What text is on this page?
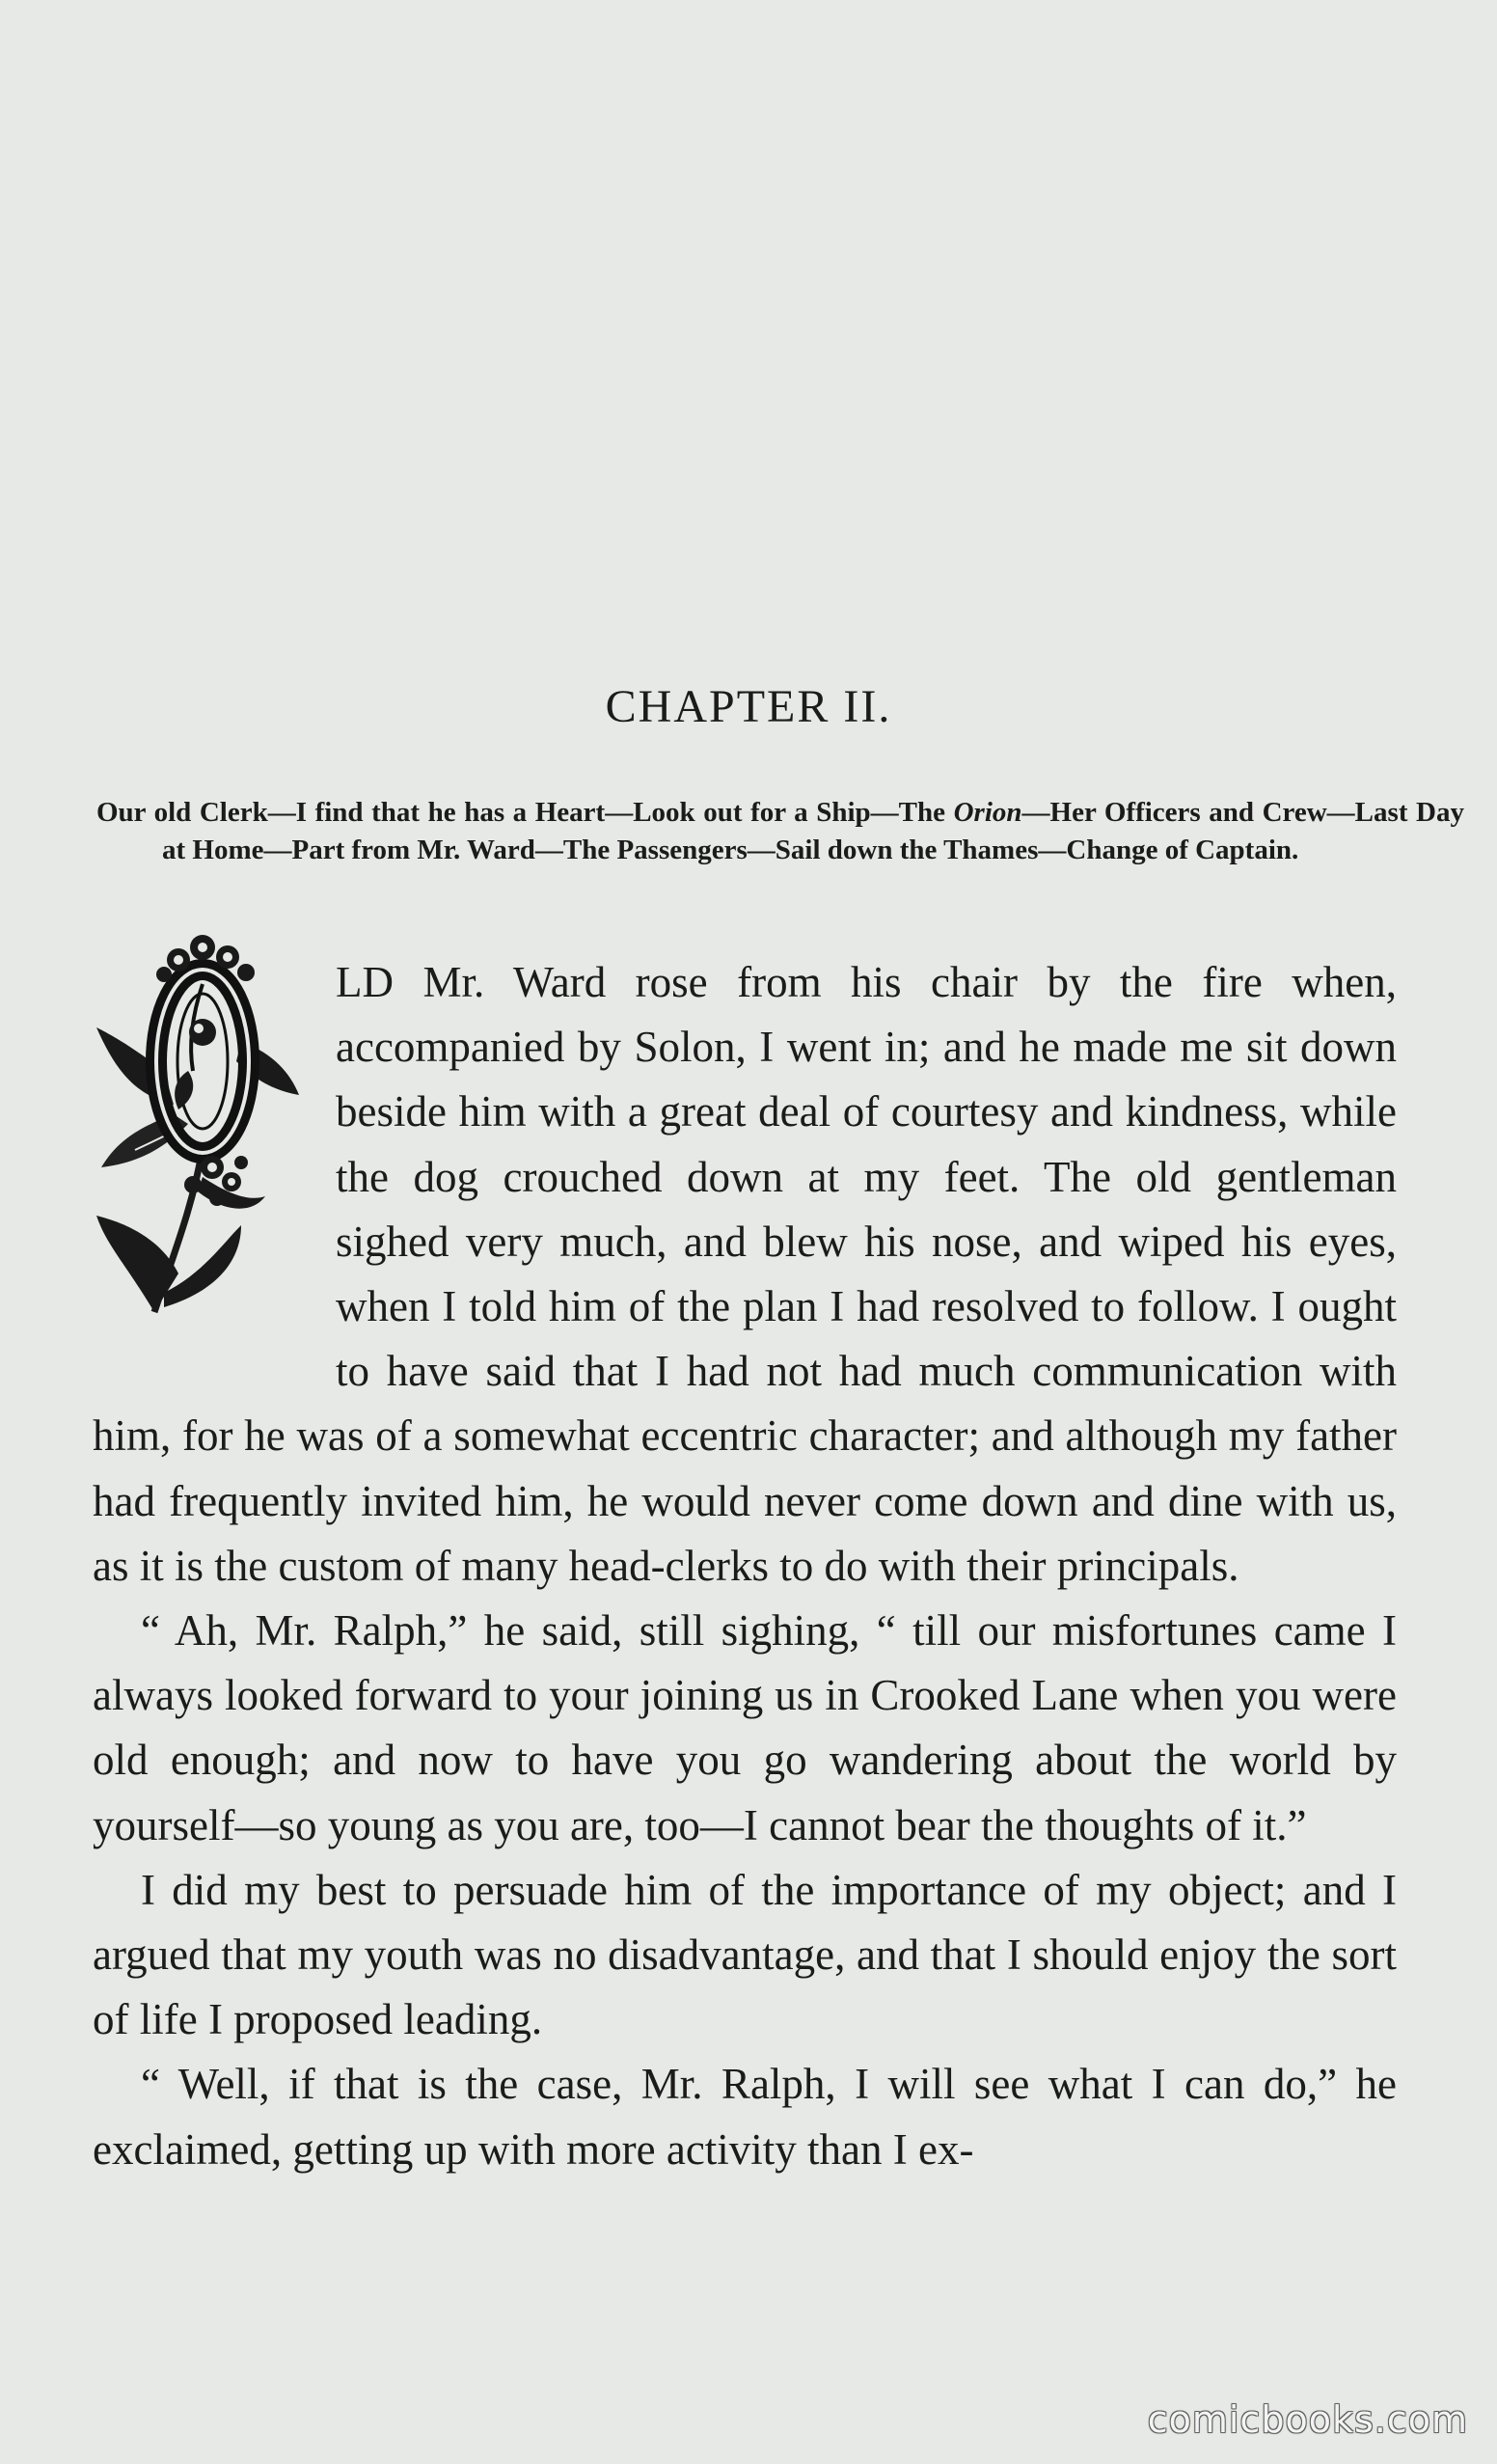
CHAPTER II.
Our old Clerk—I find that he has a Heart—Look out for a Ship—The Orion—Her Officers and Crew—Last Day at Home—Part from Mr. Ward—The Passengers—Sail down the Thames—Change of Captain.

LD Mr. Ward rose from his chair by the fire when, accompanied by Solon, I went in; and he made me sit down beside him with a great deal of courtesy and kindness, while the dog crouched down at my feet. The old gentleman sighed very much, and blew his nose, and wiped his eyes, when I told him of the plan I had resolved to follow. I ought to have said that I had not had much communication with him, for he was of a somewhat eccentric character; and although my father had frequently invited him, he would never come down and dine with us, as it is the custom of many head-clerks to do with their principals.

“ Ah, Mr. Ralph,” he said, still sighing, “ till our misfortunes came I always looked forward to your joining us in Crooked Lane when you were old enough; and now to have you go wandering about the world by yourself—so young as you are, too—I cannot bear the thoughts of it.”

I did my best to persuade him of the importance of my object; and I argued that my youth was no disadvantage, and that I should enjoy the sort of life I proposed leading.

“ Well, if that is the case, Mr. Ralph, I will see what I can do,” he exclaimed, getting up with more activity than I ex-

comicbooks.com
